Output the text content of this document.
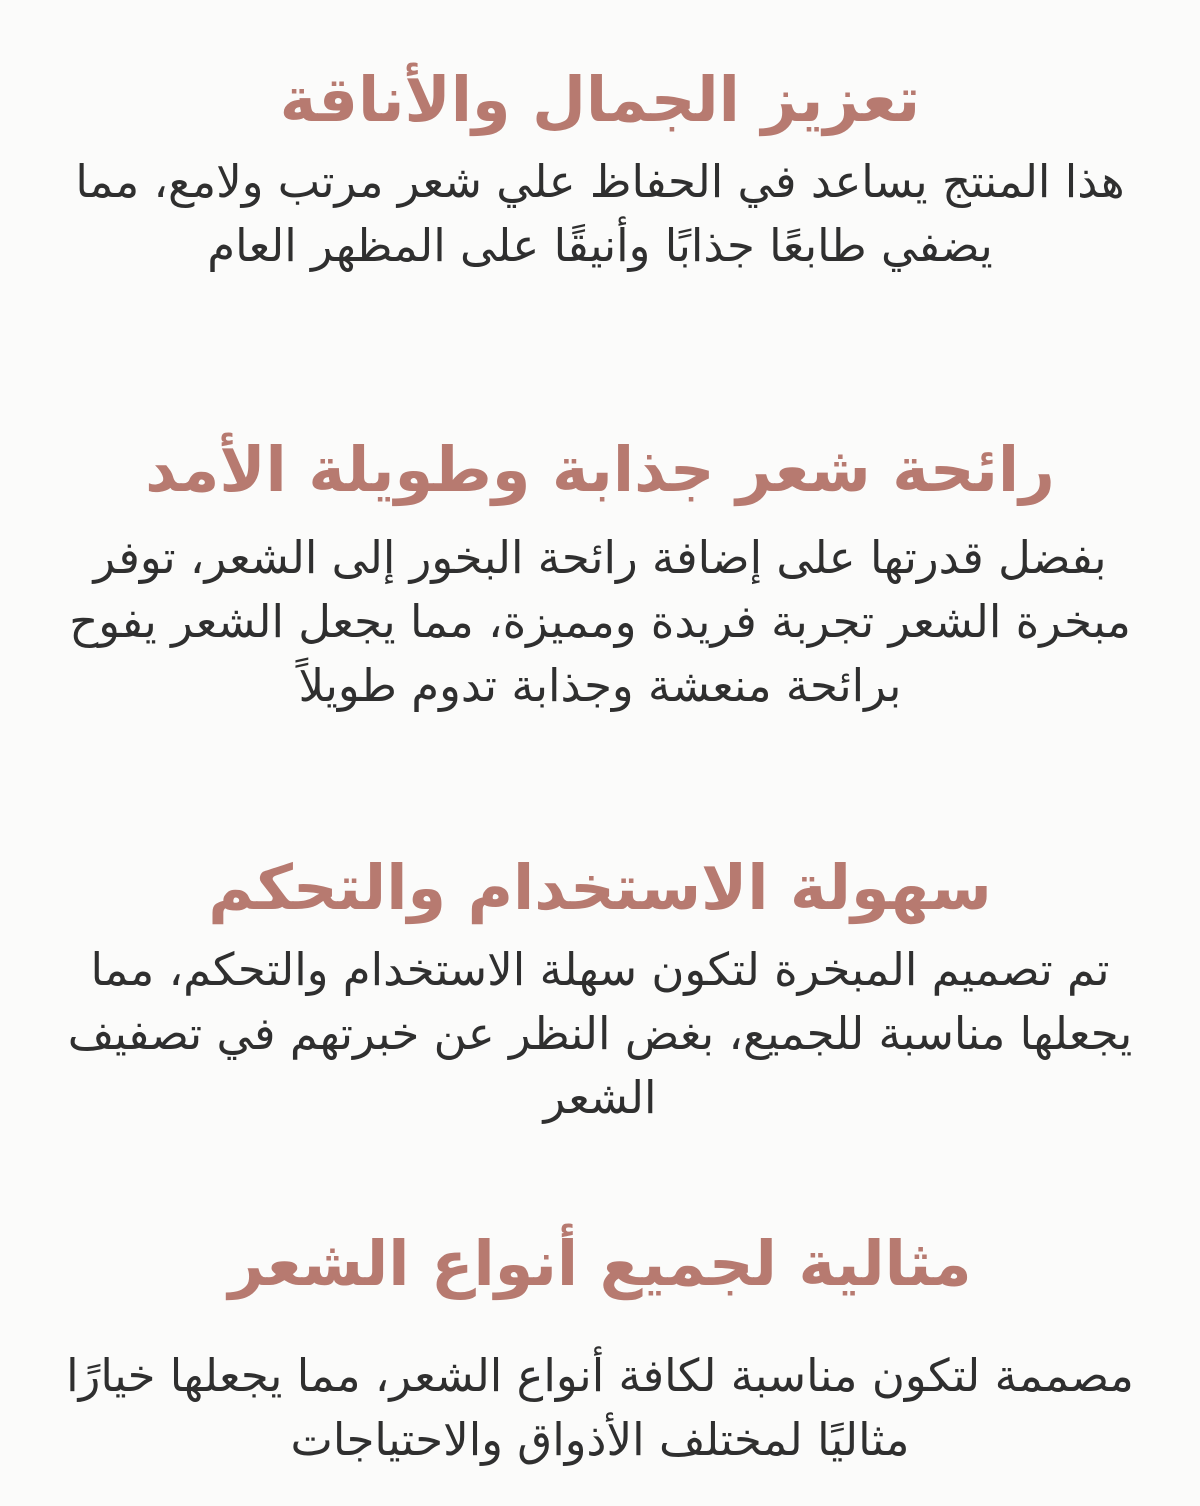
تعزيز الجمال والأناقة

هذا المنتج يساعد في الحفاظ علي شعر مرتب ولامع، مما يضفي طابعًا جذابًا وأنيقًا على المظهر العام

رائحة شعر جذابة وطويلة الأمد

بفضل قدرتها على إضافة رائحة البخور إلى الشعر، توفر مبخرة الشعر تجربة فريدة ومميزة، مما يجعل الشعر يفوح برائحة منعشة وجذابة تدوم طويلاً

سهولة الاستخدام والتحكم

تم تصميم المبخرة لتكون سهلة الاستخدام والتحكم، مما يجعلها مناسبة للجميع، بغض النظر عن خبرتهم في تصفيف الشعر

مثالية لجميع أنواع الشعر

مصممة لتكون مناسبة لكافة أنواع الشعر، مما يجعلها خيارًا مثاليًا لمختلف الأذواق والاحتياجات
